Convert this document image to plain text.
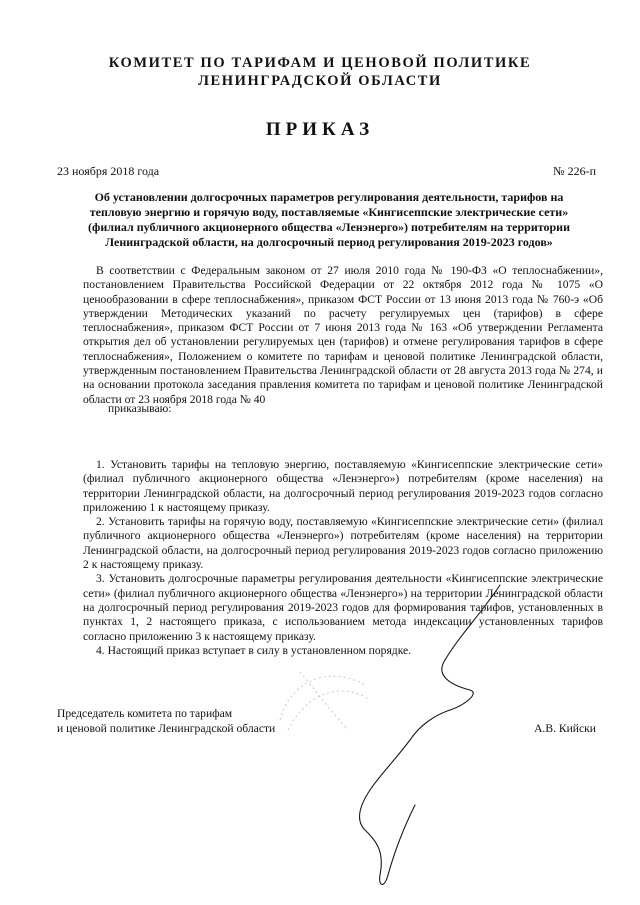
КОМИТЕТ ПО ТАРИФАМ И ЦЕНОВОЙ ПОЛИТИКЕ
ЛЕНИНГРАДСКОЙ ОБЛАСТИ
ПРИКАЗ
23 ноября 2018 года	№ 226-п
Об установлении долгосрочных параметров регулирования деятельности, тарифов на
тепловую энергию и горячую воду, поставляемые «Кингисеппские электрические сети»
(филиал публичного акционерного общества «Ленэнерго») потребителям на территории
Ленинградской области, на долгосрочный период регулирования 2019-2023 годов»
В соответствии с Федеральным законом от 27 июля 2010 года № 190-ФЗ «О теплоснабжении», постановлением Правительства Российской Федерации от 22 октября 2012 года № 1075 «О ценообразовании в сфере теплоснабжения», приказом ФСТ России от 13 июня 2013 года № 760-э «Об утверждении Методических указаний по расчету регулируемых цен (тарифов) в сфере теплоснабжения», приказом ФСТ России от 7 июня 2013 года № 163 «Об утверждении Регламента открытия дел об установлении регулируемых цен (тарифов) и отмене регулирования тарифов в сфере теплоснабжения», Положением о комитете по тарифам и ценовой политике Ленинградской области, утвержденным постановлением Правительства Ленинградской области от 28 августа 2013 года № 274, и на основании протокола заседания правления комитета по тарифам и ценовой политике Ленинградской области от 23 ноября 2018 года № 40
приказываю:

1. Установить тарифы на тепловую энергию, поставляемую «Кингисеппские электрические сети» (филиал публичного акционерного общества «Ленэнерго») потребителям (кроме населения) на территории Ленинградской области, на долгосрочный период регулирования 2019-2023 годов согласно приложению 1 к настоящему приказу.

2. Установить тарифы на горячую воду, поставляемую «Кингисеппские электрические сети» (филиал публичного акционерного общества «Ленэнерго») потребителям (кроме населения) на территории Ленинградской области, на долгосрочный период регулирования 2019-2023 годов согласно приложению 2 к настоящему приказу.

3. Установить долгосрочные параметры регулирования деятельности «Кингисеппские электрические сети» (филиал публичного акционерного общества «Ленэнерго») на территории Ленинградской области на долгосрочный период регулирования 2019-2023 годов для формирования тарифов, установленных в пунктах 1, 2 настоящего приказа, с использованием метода индексации установленных тарифов согласно приложению 3 к настоящему приказу.

4. Настоящий приказ вступает в силу в установленном порядке.

Председатель комитета по тарифам
и ценовой политике Ленинградской области	А.В. Кийски
